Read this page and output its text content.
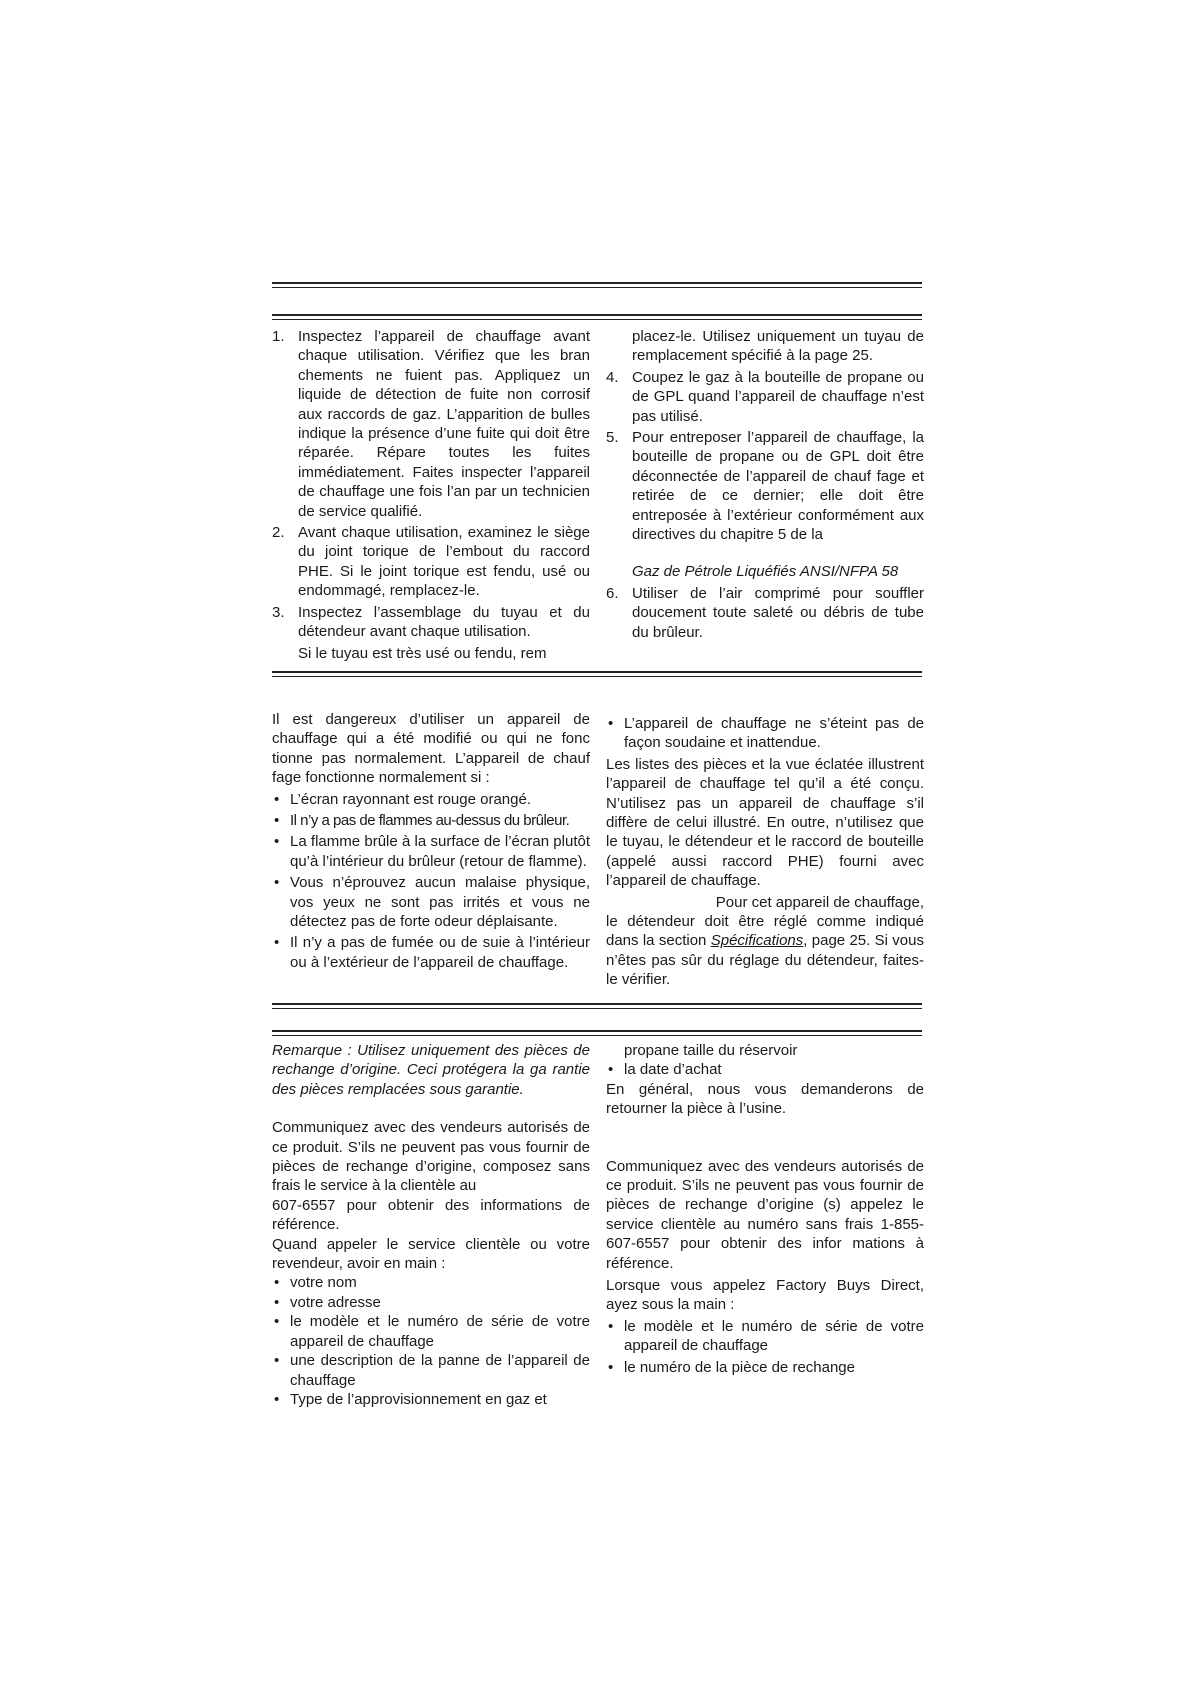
1. Inspectez l’appareil de chauffage avant chaque utilisation. Vérifiez que les bran chements ne fuient pas. Appliquez un liquide de détection de fuite non corrosif aux raccords de gaz. L’apparition de bulles indique la présence d’une fuite qui doit être réparée. Répare toutes les fuites immédiatement. Faites inspecter l’appareil de chauffage une fois l’an par un technicien de service qualifié.
2. Avant chaque utilisation, examinez le siège du joint torique de l’embout du raccord PHE. Si le joint torique est fendu, usé ou endommagé, remplacez-le.
3. Inspectez l’assemblage du tuyau et du détendeur avant chaque utilisation.

Si le tuyau est très usé ou fendu, rem

placez-le. Utilisez uniquement un tuyau de remplacement spécifié à la page 25.

4. Coupez le gaz à la bouteille de propane ou de GPL quand l’appareil de chauffage n’est pas utilisé.
5. Pour entreposer l’appareil de chauffage, la bouteille de propane ou de GPL doit être déconnectée de l’appareil de chauf fage et retirée de ce dernier; elle doit être entreposée à l’extérieur conformément aux directives du chapitre 5 de la

Gaz de Pétrole Liquéfiés ANSI/NFPA 58

6. Utiliser de l’air comprimé pour souffler doucement toute saleté ou débris de tube du brûleur.

Il est dangereux d’utiliser un appareil de chauffage qui a été modifié ou qui ne fonc tionne pas normalement. L’appareil de chauf fage fonctionne normalement si :

• L’écran rayonnant est rouge orangé.
• Il n’y a pas de flammes au-dessus du brûleur.
• La flamme brûle à la surface de l’écran plutôt qu’à l’intérieur du brûleur (retour de flamme).
• Vous n’éprouvez aucun malaise physique, vos yeux ne sont pas irrités et vous ne détectez pas de forte odeur déplaisante.
• Il n’y a pas de fumée ou de suie à l’intérieur ou à l’extérieur de l’appareil de chauffage.
• L’appareil de chauffage ne s’éteint pas de façon soudaine et inattendue.

Les listes des pièces et la vue éclatée illustrent l’appareil de chauffage tel qu’il a été conçu. N’utilisez pas un appareil de chauffage s’il diffère de celui illustré. En outre, n’utilisez que le tuyau, le détendeur et le raccord de bouteille (appelé aussi raccord PHE) fourni avec l’appareil de chauffage.

Pour cet appareil de chauffage,

le détendeur doit être réglé comme indiqué dans la section Spécifications, page 25. Si vous n’êtes pas sûr du réglage du détendeur, faites-le vérifier.

Remarque : Utilisez uniquement des pièces de rechange d’origine. Ceci protégera la ga rantie des pièces remplacées sous garantie.

Communiquez avec des vendeurs autorisés de ce produit. S’ils ne peuvent pas vous fournir de pièces de rechange d’origine, composez sans frais le service à la clientèle au

607-6557 pour obtenir des informations de référence.

Quand appeler le service clientèle ou votre revendeur, avoir en main :

• votre nom
• votre adresse
• le modèle et le numéro de série de votre appareil de chauffage
• une description de la panne de l’appareil de chauffage
• Type de l’approvisionnement en gaz et

propane taille du réservoir

• la date d’achat

En général, nous vous demanderons de retourner la pièce à l’usine.

Communiquez avec des vendeurs autorisés de ce produit. S’ils ne peuvent pas vous fournir de pièces de rechange d’origine (s) appelez le service clientèle au numéro sans frais 1-855-607-6557 pour obtenir des infor mations à référence.

Lorsque vous appelez Factory Buys Direct, ayez sous la main :

• le modèle et le numéro de série de votre appareil de chauffage
• le numéro de la pièce de rechange
